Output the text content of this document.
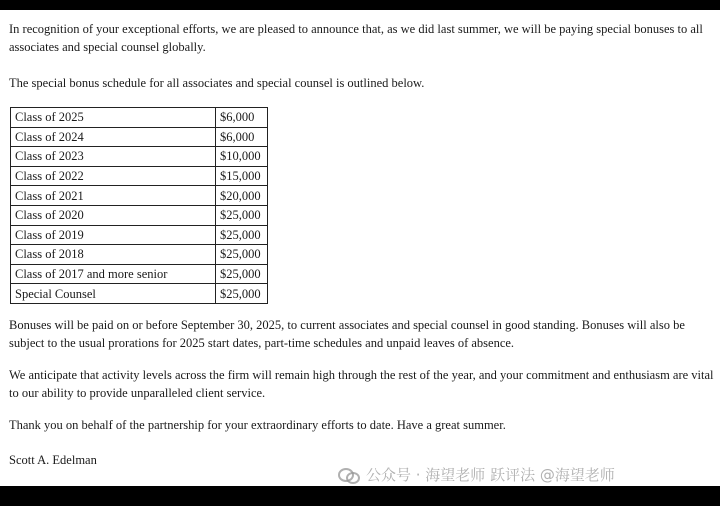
In recognition of your exceptional efforts, we are pleased to announce that, as we did last summer, we will be paying special bonuses to all associates and special counsel globally.

The special bonus schedule for all associates and special counsel is outlined below.

Class of 2025	$6,000
Class of 2024	$6,000
Class of 2023	$10,000
Class of 2022	$15,000
Class of 2021	$20,000
Class of 2020	$25,000
Class of 2019	$25,000
Class of 2018	$25,000
Class of 2017 and more senior	$25,000
Special Counsel	$25,000

Bonuses will be paid on or before September 30, 2025, to current associates and special counsel in good standing. Bonuses will also be subject to the usual prorations for 2025 start dates, part-time schedules and unpaid leaves of absence.

We anticipate that activity levels across the firm will remain high through the rest of the year, and your commitment and enthusiasm are vital to our ability to provide unparalleled client service.

Thank you on behalf of the partnership for your extraordinary efforts to date. Have a great summer.

Scott A. Edelman

公众号 · 海望老师 跃评法 @海望老师
